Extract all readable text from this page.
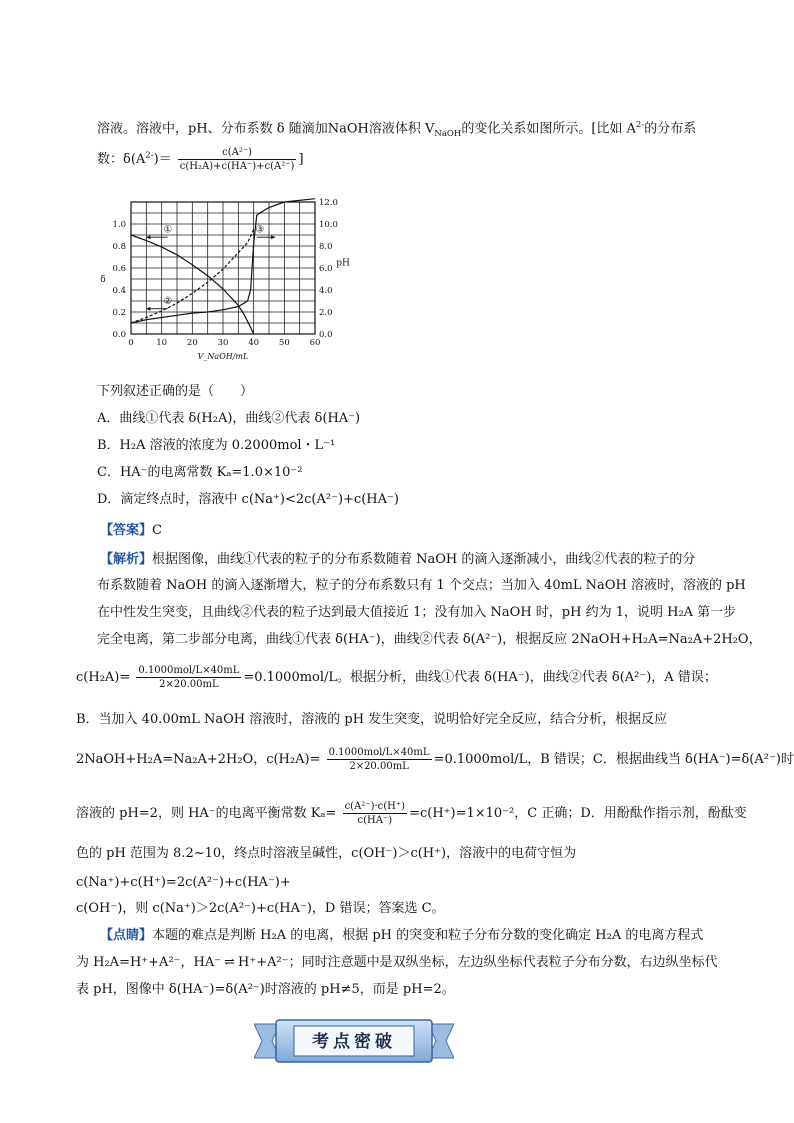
溶液。溶液中，pH、分布系数 δ 随滴加NaOH溶液体积 $V_{NaOH}$的变化关系如图所示。[比如 $A^{2-}$的分布系
数：$\delta(A^{2-})= \frac{\text{c(A²⁻)}}{\text{c(H₂A)+c(HA⁻)+c(A²⁻)}}$ ]
0	10 20 30 40 50 60
0.0
0.2
0.4
0.6
0.8
1.0
0.0
2.0
4.0
6.0
8.0
10.0
12.0
V_NaOH/mL
δ
pH
①
②
③
下列叙述正确的是（　　）
A．曲线①代表 δ(H₂A)，曲线②代表 δ(HA⁻)
B．H₂A 溶液的浓度为 0.2000mol・L⁻¹
C．HA⁻的电离常数 Kₐ=1.0×10⁻²
D．滴定终点时，溶液中 c(Na⁺)<2c(A²⁻)+c(HA⁻)
【答案】C
【解析】根据图像，曲线①代表的粒子的分布系数随着 NaOH 的滴入逐渐减小，曲线②代表的粒子的分
布系数随着 NaOH 的滴入逐渐增大，粒子的分布系数只有 1 个交点；当加入 40mL NaOH 溶液时，溶液的 pH
在中性发生突变，且曲线②代表的粒子达到最大值接近 1；没有加入 NaOH 时，pH 约为 1，说明 H₂A 第一步
完全电离，第二步部分电离，曲线①代表 δ(HA⁻)，曲线②代表 δ(A²⁻)，根据反应 2NaOH+H₂A=Na₂A+2H₂O，
$c(H_2A)= \frac{\text{0.1000mol/L×40mL}}{2\times 20.00mL} =0.1000mol/L$。根据分析，曲线①代表 δ(HA⁻)，曲线②代表 δ(A²⁻)，A 错误；
B．当加入 40.00mL NaOH 溶液时，溶液的 pH 发生突变，说明恰好完全反应，结合分析，根据反应
2NaOH+H₂A=Na₂A+2H₂O，$c(H_2A)= \frac{\text{0.1000mol/L×40mL}}{2\times 20.00mL} =0.1000mol/L$，B 错误；C．根据曲线当 δ(HA⁻)=δ(A²⁻)时
溶液的 pH=2，则 HA⁻的电离平衡常数 $K_a= \frac{\text{c(A²⁻)·c(H⁺)}}{c(HA^-)} =c(H^+)=1\times 10^{-2}$，C 正确；D．用酚酞作指示剂，酚酞变
色的 pH 范围为 8.2~10，终点时溶液呈碱性，c(OH⁻)＞c(H⁺)，溶液中的电荷守恒为
c(Na⁺)+c(H⁺)=2c(A²⁻)+c(HA⁻)+
c(OH⁻)，则 c(Na⁺)＞2c(A²⁻)+c(HA⁻)，D 错误；答案选 C。
【点睛】本题的难点是判断 H₂A 的电离，根据 pH 的突变和粒子分布分数的变化确定 H₂A 的电离方程式
为 H₂A=H⁺+A²⁻，HA⁻ ⇌ H⁺+A²⁻；同时注意题中是双纵坐标，左边纵坐标代表粒子分布分数，右边纵坐标代
表 pH，图像中 δ(HA⁻)=δ(A²⁻)时溶液的 pH≠5，而是 pH=2。
考点密破
